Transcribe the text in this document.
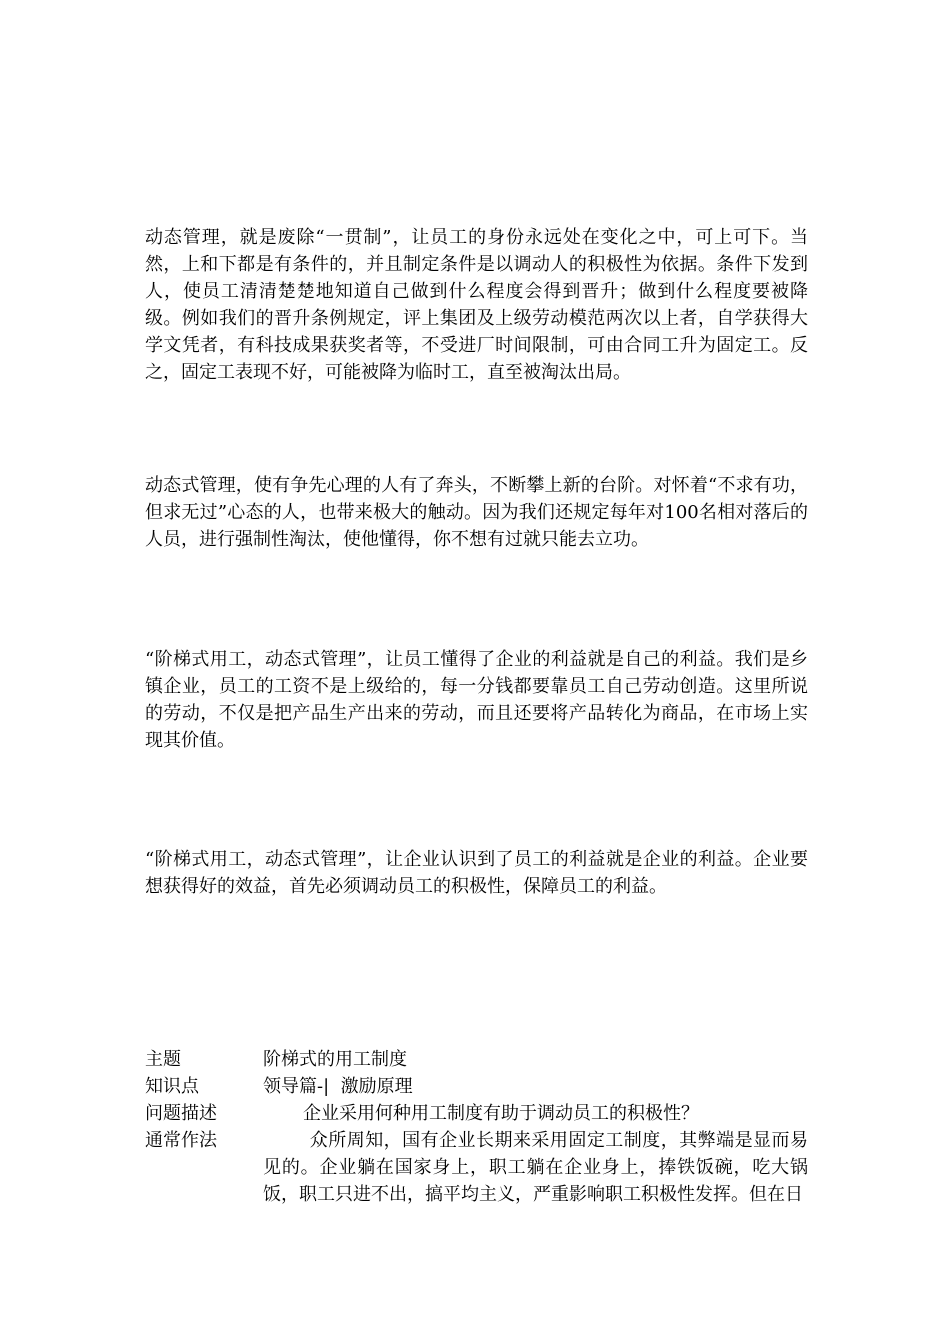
动态管理，就是废除“一贯制”，让员工的身份永远处在变化之中，可上可下。当然，上和下都是有条件的，并且制定条件是以调动人的积极性为依据。条件下发到人，使员工清清楚楚地知道自己做到什么程度会得到晋升；做到什么程度要被降级。例如我们的晋升条例规定，评上集团及上级劳动模范两次以上者，自学获得大学文凭者，有科技成果获奖者等，不受进厂时间限制，可由合同工升为固定工。反之，固定工表现不好，可能被降为临时工，直至被淘汰出局。

动态式管理，使有争先心理的人有了奔头，不断攀上新的台阶。对怀着“不求有功，但求无过”心态的人，也带来极大的触动。因为我们还规定每年对100名相对落后的人员，进行强制性淘汰，使他懂得，你不想有过就只能去立功。

“阶梯式用工，动态式管理”，让员工懂得了企业的利益就是自己的利益。我们是乡镇企业，员工的工资不是上级给的，每一分钱都要靠员工自己劳动创造。这里所说的劳动，不仅是把产品生产出来的劳动，而且还要将产品转化为商品，在市场上实现其价值。

“阶梯式用工，动态式管理”，让企业认识到了员工的利益就是企业的利益。企业要想获得好的效益，首先必须调动员工的积极性，保障员工的利益。

主题	阶梯式的用工制度
知识点	领导篇-|  激励原理
问题描述	企业采用何种用工制度有助于调动员工的积极性？
通常作法	众所周知，国有企业长期来采用固定工制度，其弊端是显而易见的。企业躺在国家身上，职工躺在企业身上，捧铁饭碗，吃大锅饭，职工只进不出，搞平均主义，严重影响职工积极性发挥。但在日
